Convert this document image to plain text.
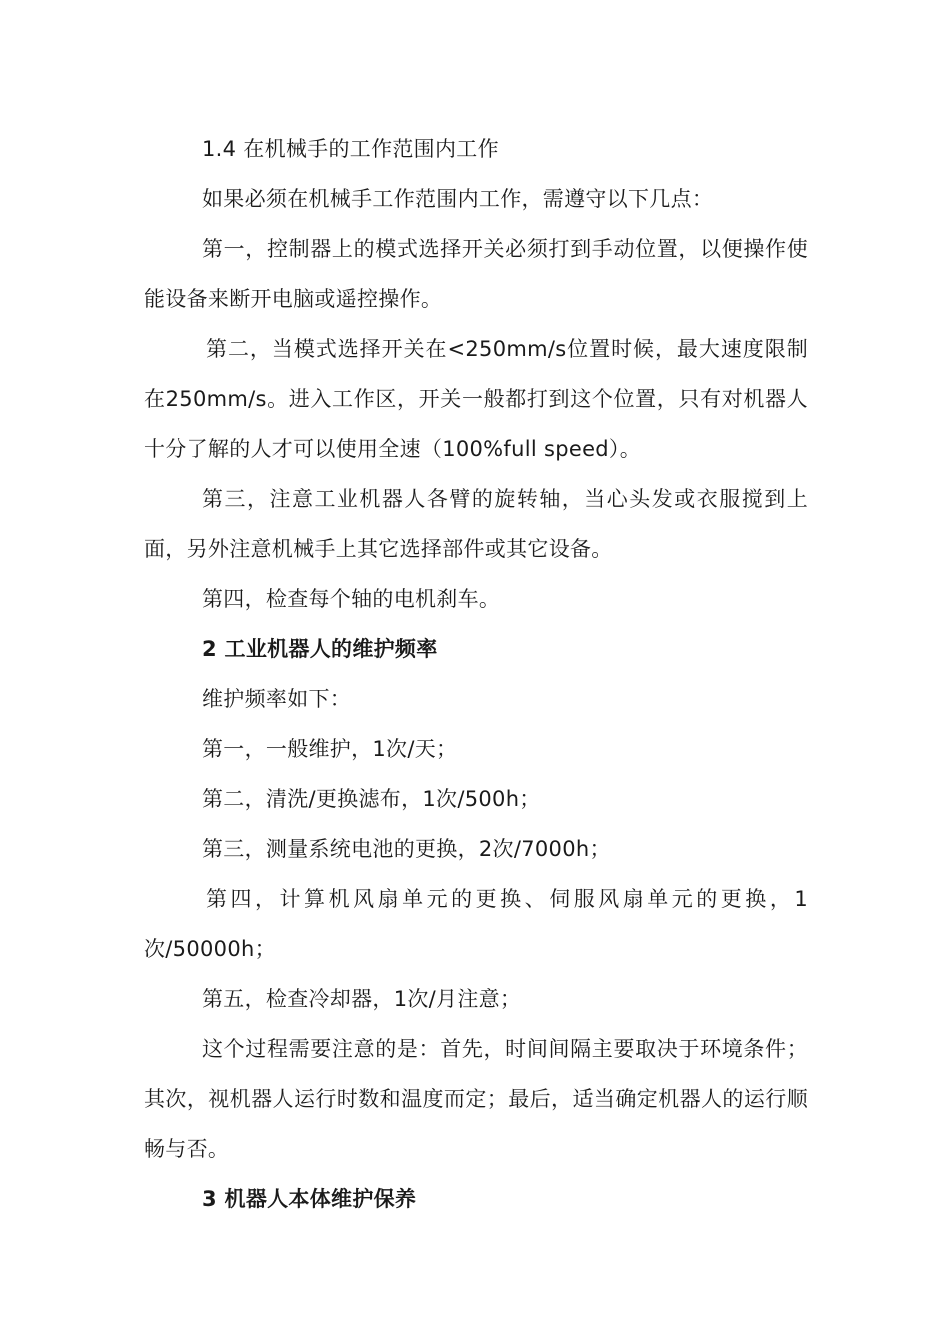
1.4 在机械手的工作范围内工作

如果必须在机械手工作范围内工作，需遵守以下几点：

第一，控制器上的模式选择开关必须打到手动位置，以便操作使能设备来断开电脑或遥控操作。

第二，当模式选择开关在<250mm/s位置时候，最大速度限制在250mm/s。进入工作区，开关一般都打到这个位置，只有对机器人十分了解的人才可以使用全速（100%full speed）。

第三，注意工业机器人各臂的旋转轴，当心头发或衣服搅到上面，另外注意机械手上其它选择部件或其它设备。

第四，检查每个轴的电机刹车。

2 工业机器人的维护频率

维护频率如下：

第一，一般维护，1次/天；

第二，清洗/更换滤布，1次/500h；

第三，测量系统电池的更换，2次/7000h；

第四，计算机风扇单元的更换、伺服风扇单元的更换，1次/50000h；

第五，检查冷却器，1次/月注意；

这个过程需要注意的是：首先，时间间隔主要取决于环境条件；其次，视机器人运行时数和温度而定；最后，适当确定机器人的运行顺畅与否。

3 机器人本体维护保养
